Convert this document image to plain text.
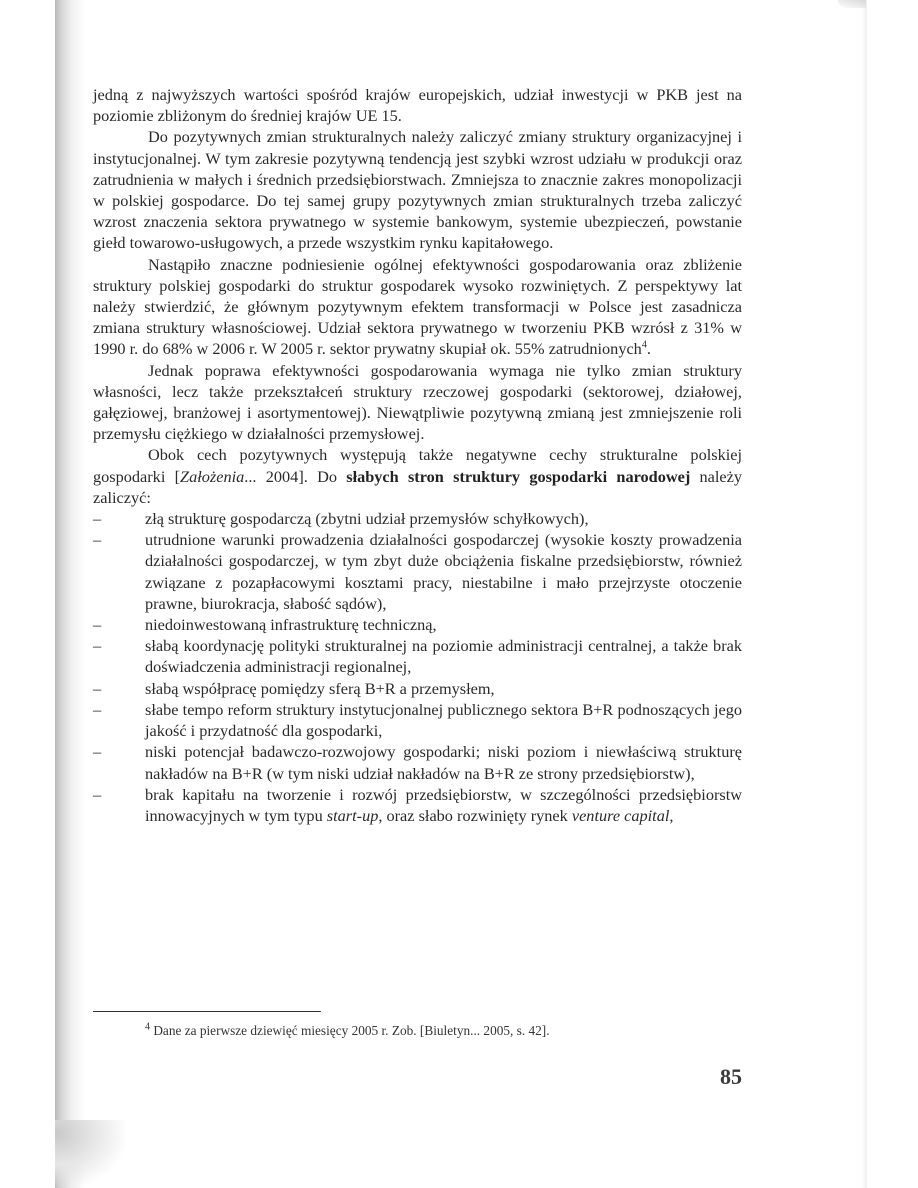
jedną z najwyższych wartości spośród krajów europejskich, udział inwestycji w PKB jest na poziomie zbliżonym do średniej krajów UE 15.

Do pozytywnych zmian strukturalnych należy zaliczyć zmiany struktury organizacyjnej i instytucjonalnej. W tym zakresie pozytywną tendencją jest szybki wzrost udziału w produkcji oraz zatrudnienia w małych i średnich przedsiębiorstwach. Zmniejsza to znacznie zakres monopolizacji w polskiej gospodarce. Do tej samej grupy pozytywnych zmian strukturalnych trzeba zaliczyć wzrost znaczenia sektora prywatnego w systemie bankowym, systemie ubezpieczeń, powstanie giełd towarowo-usługowych, a przede wszystkim rynku kapitałowego.

Nastąpiło znaczne podniesienie ogólnej efektywności gospodarowania oraz zbliżenie struktury polskiej gospodarki do struktur gospodarek wysoko rozwiniętych. Z perspektywy lat należy stwierdzić, że głównym pozytywnym efektem transformacji w Polsce jest zasadnicza zmiana struktury własnościowej. Udział sektora prywatnego w tworzeniu PKB wzrósł z 31% w 1990 r. do 68% w 2006 r. W 2005 r. sektor prywatny skupiał ok. 55% zatrudnionych$^4$.

Jednak poprawa efektywności gospodarowania wymaga nie tylko zmian struktury własności, lecz także przekształceń struktury rzeczowej gospodarki (sektorowej, działowej, gałęziowej, branżowej i asortymentowej). Niewątpliwie pozytywną zmianą jest zmniejszenie roli przemysłu ciężkiego w działalności przemysłowej.

Obok cech pozytywnych występują także negatywne cechy strukturalne polskiej gospodarki [Założenia... 2004]. Do słabych stron struktury gospodarki narodowej należy zaliczyć:

–	złą strukturę gospodarczą (zbytni udział przemysłów schyłkowych),
–	utrudnione warunki prowadzenia działalności gospodarczej (wysokie koszty prowadzenia działalności gospodarczej, w tym zbyt duże obciążenia fiskalne przedsiębiorstw, również związane z pozapłacowymi kosztami pracy, niestabilne i mało przejrzyste otoczenie prawne, biurokracja, słabość sądów),
–	niedoinwestowaną infrastrukturę techniczną,
–	słabą koordynację polityki strukturalnej na poziomie administracji centralnej, a także brak doświadczenia administracji regionalnej,
–	słabą współpracę pomiędzy sferą B+R a przemysłem,
–	słabe tempo reform struktury instytucjonalnej publicznego sektora B+R podnoszących jego jakość i przydatność dla gospodarki,
–	niski potencjał badawczo-rozwojowy gospodarki; niski poziom i niewłaściwą strukturę nakładów na B+R (w tym niski udział nakładów na B+R ze strony przedsiębiorstw),
–	brak kapitału na tworzenie i rozwój przedsiębiorstw, w szczególności przedsiębiorstw innowacyjnych w tym typu start-up, oraz słabo rozwinięty rynek venture capital,
$^4$ Dane za pierwsze dziewięć miesięcy 2005 r. Zob. [Biuletyn... 2005, s. 42].
85
